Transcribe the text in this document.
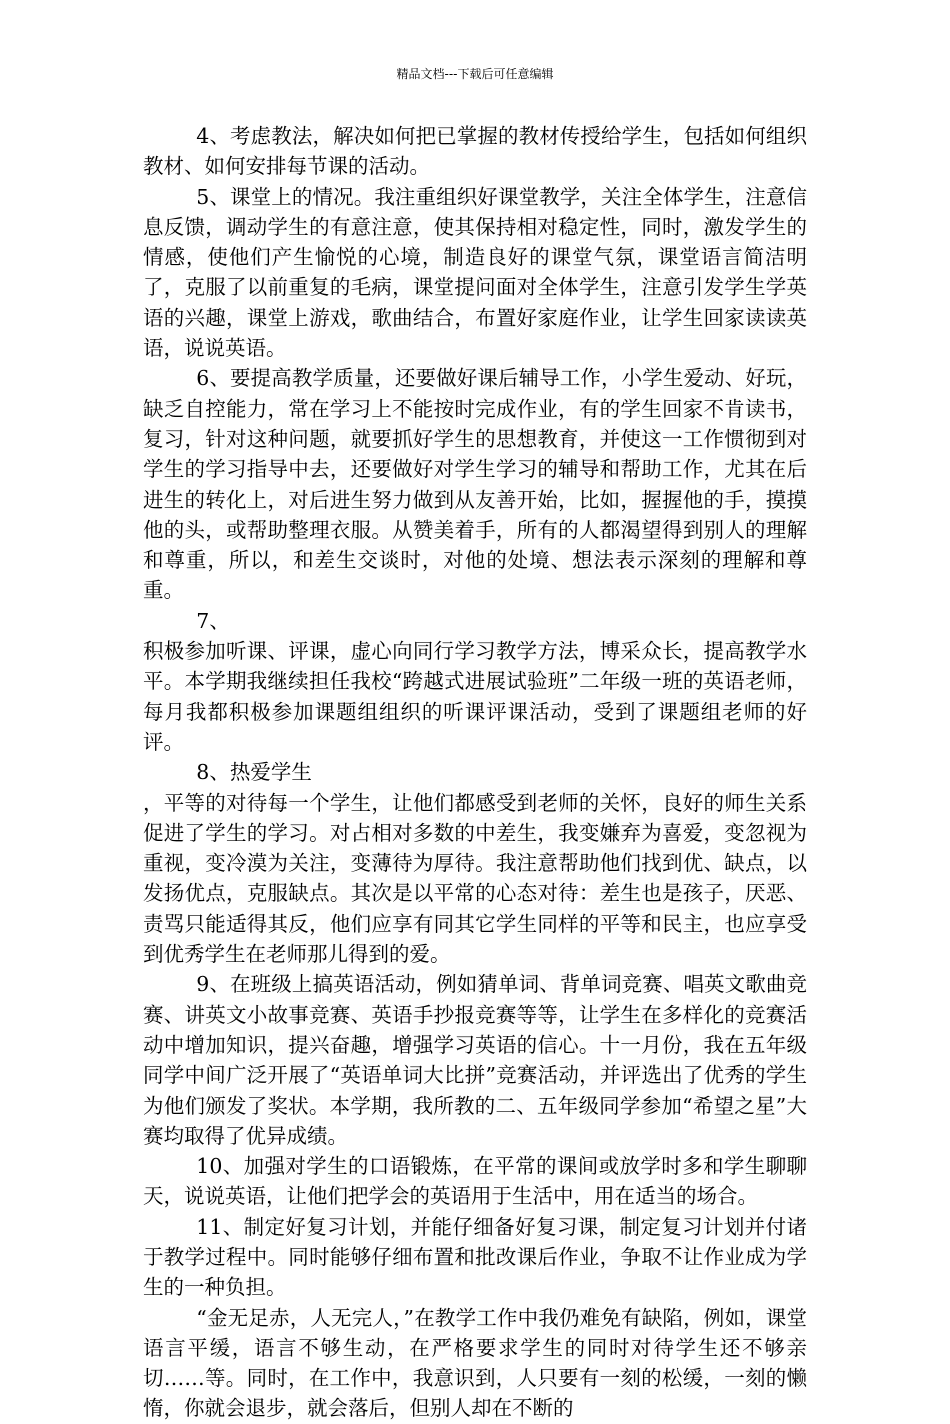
精品文档---下载后可任意编辑

4、考虑教法，解决如何把已掌握的教材传授给学生，包括如何组织教材、如何安排每节课的活动。

5、课堂上的情况。我注重组织好课堂教学，关注全体学生，注意信息反馈，调动学生的有意注意，使其保持相对稳定性，同时，激发学生的情感，使他们产生愉悦的心境，制造良好的课堂气氛，课堂语言简洁明了，克服了以前重复的毛病，课堂提问面对全体学生，注意引发学生学英语的兴趣，课堂上游戏，歌曲结合，布置好家庭作业，让学生回家读读英语，说说英语。

6、要提高教学质量，还要做好课后辅导工作，小学生爱动、好玩，缺乏自控能力，常在学习上不能按时完成作业，有的学生回家不肯读书，复习，针对这种问题，就要抓好学生的思想教育，并使这一工作惯彻到对学生的学习指导中去，还要做好对学生学习的辅导和帮助工作，尤其在后进生的转化上，对后进生努力做到从友善开始，比如，握握他的手，摸摸他的头，或帮助整理衣服。从赞美着手，所有的人都渴望得到别人的理解和尊重，所以，和差生交谈时，对他的处境、想法表示深刻的理解和尊重。

7、

积极参加听课、评课，虚心向同行学习教学方法，博采众长，提高教学水平。本学期我继续担任我校“跨越式进展试验班”二年级一班的英语老师，每月我都积极参加课题组组织的听课评课活动，受到了课题组老师的好评。

8、热爱学生

，平等的对待每一个学生，让他们都感受到老师的关怀，良好的师生关系促进了学生的学习。对占相对多数的中差生，我变嫌弃为喜爱，变忽视为重视，变冷漠为关注，变薄待为厚待。我注意帮助他们找到优、缺点，以发扬优点，克服缺点。其次是以平常的心态对待：差生也是孩子，厌恶、责骂只能适得其反，他们应享有同其它学生同样的平等和民主，也应享受到优秀学生在老师那儿得到的爱。

9、在班级上搞英语活动，例如猜单词、背单词竞赛、唱英文歌曲竞赛、讲英文小故事竞赛、英语手抄报竞赛等等，让学生在多样化的竞赛活动中增加知识，提兴奋趣，增强学习英语的信心。十一月份，我在五年级同学中间广泛开展了“英语单词大比拼”竞赛活动，并评选出了优秀的学生为他们颁发了奖状。本学期，我所教的二、五年级同学参加“希望之星”大赛均取得了优异成绩。

10、加强对学生的口语锻炼，在平常的课间或放学时多和学生聊聊天，说说英语，让他们把学会的英语用于生活中，用在适当的场合。

11、制定好复习计划，并能仔细备好复习课，制定复习计划并付诸于教学过程中。同时能够仔细布置和批改课后作业，争取不让作业成为学生的一种负担。

“金无足赤，人无完人，”在教学工作中我仍难免有缺陷，例如，课堂语言平缓，语言不够生动，在严格要求学生的同时对待学生还不够亲切……等。同时，在工作中，我意识到，人只要有一刻的松缓，一刻的懒惰，你就会退步，就会落后，但别人却在不断的
